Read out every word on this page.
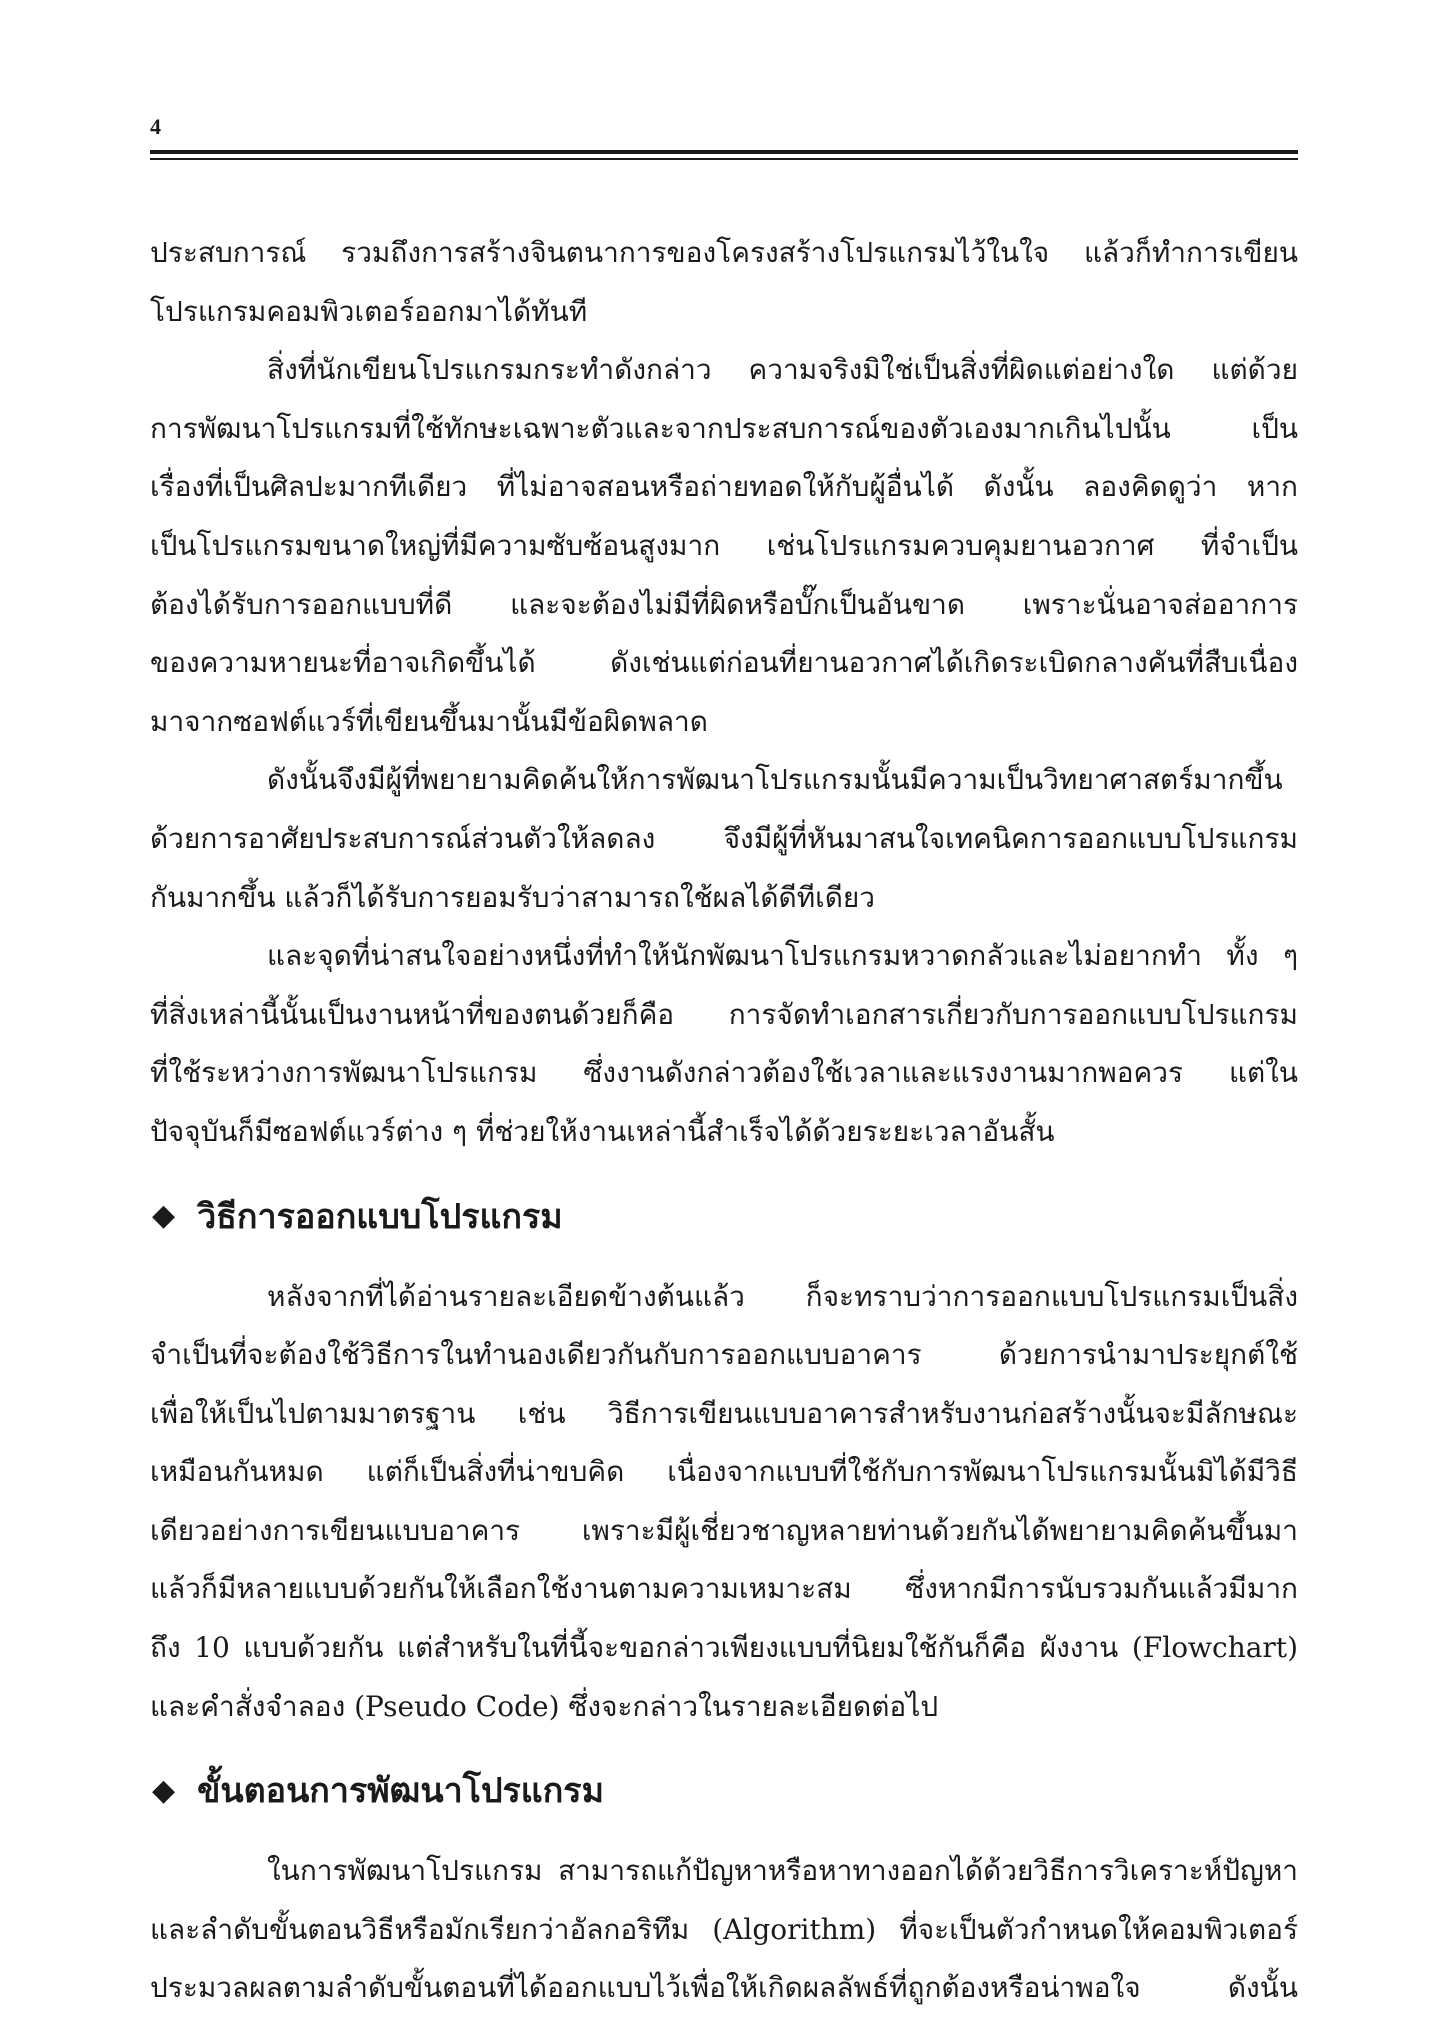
4
ประสบการณ์ รวมถึงการสร้างจินตนาการของโครงสร้างโปรแกรมไว้ในใจ แล้วก็ทำการเขียน
โปรแกรมคอมพิวเตอร์ออกมาได้ทันที
สิ่งที่นักเขียนโปรแกรมกระทำดังกล่าว ความจริงมิใช่เป็นสิ่งที่ผิดแต่อย่างใด แต่ด้วย
การพัฒนาโปรแกรมที่ใช้ทักษะเฉพาะตัวและจากประสบการณ์ของตัวเองมากเกินไปนั้น เป็น
เรื่องที่เป็นศิลปะมากทีเดียว ที่ไม่อาจสอนหรือถ่ายทอดให้กับผู้อื่นได้ ดังนั้น ลองคิดดูว่า หาก
เป็นโปรแกรมขนาดใหญ่ที่มีความซับซ้อนสูงมาก เช่นโปรแกรมควบคุมยานอวกาศ ที่จำเป็น
ต้องได้รับการออกแบบที่ดี และจะต้องไม่มีที่ผิดหรือบั๊กเป็นอันขาด เพราะนั่นอาจส่ออาการ
ของความหายนะที่อาจเกิดขึ้นได้ ดังเช่นแต่ก่อนที่ยานอวกาศได้เกิดระเบิดกลางคันที่สืบเนื่อง
มาจากซอฟต์แวร์ที่เขียนขึ้นมานั้นมีข้อผิดพลาด
ดังนั้นจึงมีผู้ที่พยายามคิดค้นให้การพัฒนาโปรแกรมนั้นมีความเป็นวิทยาศาสตร์มากขึ้น
ด้วยการอาศัยประสบการณ์ส่วนตัวให้ลดลง จึงมีผู้ที่หันมาสนใจเทคนิคการออกแบบโปรแกรม
กันมากขึ้น แล้วก็ได้รับการยอมรับว่าสามารถใช้ผลได้ดีทีเดียว
และจุดที่น่าสนใจอย่างหนึ่งที่ทำให้นักพัฒนาโปรแกรมหวาดกลัวและไม่อยากทำ ทั้ง ๆ
ที่สิ่งเหล่านี้นั้นเป็นงานหน้าที่ของตนด้วยก็คือ การจัดทำเอกสารเกี่ยวกับการออกแบบโปรแกรม
ที่ใช้ระหว่างการพัฒนาโปรแกรม ซึ่งงานดังกล่าวต้องใช้เวลาและแรงงานมากพอควร แต่ใน
ปัจจุบันก็มีซอฟต์แวร์ต่าง ๆ ที่ช่วยให้งานเหล่านี้สำเร็จได้ด้วยระยะเวลาอันสั้น
◆ วิธีการออกแบบโปรแกรม
หลังจากที่ได้อ่านรายละเอียดข้างต้นแล้ว ก็จะทราบว่าการออกแบบโปรแกรมเป็นสิ่ง
จำเป็นที่จะต้องใช้วิธีการในทำนองเดียวกันกับการออกแบบอาคาร ด้วยการนำมาประยุกต์ใช้
เพื่อให้เป็นไปตามมาตรฐาน เช่น วิธีการเขียนแบบอาคารสำหรับงานก่อสร้างนั้นจะมีลักษณะ
เหมือนกันหมด แต่ก็เป็นสิ่งที่น่าขบคิด เนื่องจากแบบที่ใช้กับการพัฒนาโปรแกรมนั้นมิได้มีวิธี
เดียวอย่างการเขียนแบบอาคาร เพราะมีผู้เชี่ยวชาญหลายท่านด้วยกันได้พยายามคิดค้นขึ้นมา
แล้วก็มีหลายแบบด้วยกันให้เลือกใช้งานตามความเหมาะสม ซึ่งหากมีการนับรวมกันแล้วมีมาก
ถึง 10 แบบด้วยกัน แต่สำหรับในที่นี้จะขอกล่าวเพียงแบบที่นิยมใช้กันก็คือ ผังงาน (Flowchart)
และคำสั่งจำลอง (Pseudo Code) ซึ่งจะกล่าวในรายละเอียดต่อไป
◆ ขั้นตอนการพัฒนาโปรแกรม
ในการพัฒนาโปรแกรม สามารถแก้ปัญหาหรือหาทางออกได้ด้วยวิธีการวิเคราะห์ปัญหา
และลำดับขั้นตอนวิธีหรือมักเรียกว่าอัลกอริทึม (Algorithm) ที่จะเป็นตัวกำหนดให้คอมพิวเตอร์
ประมวลผลตามลำดับขั้นตอนที่ได้ออกแบบไว้เพื่อให้เกิดผลลัพธ์ที่ถูกต้องหรือน่าพอใจ ดังนั้น
